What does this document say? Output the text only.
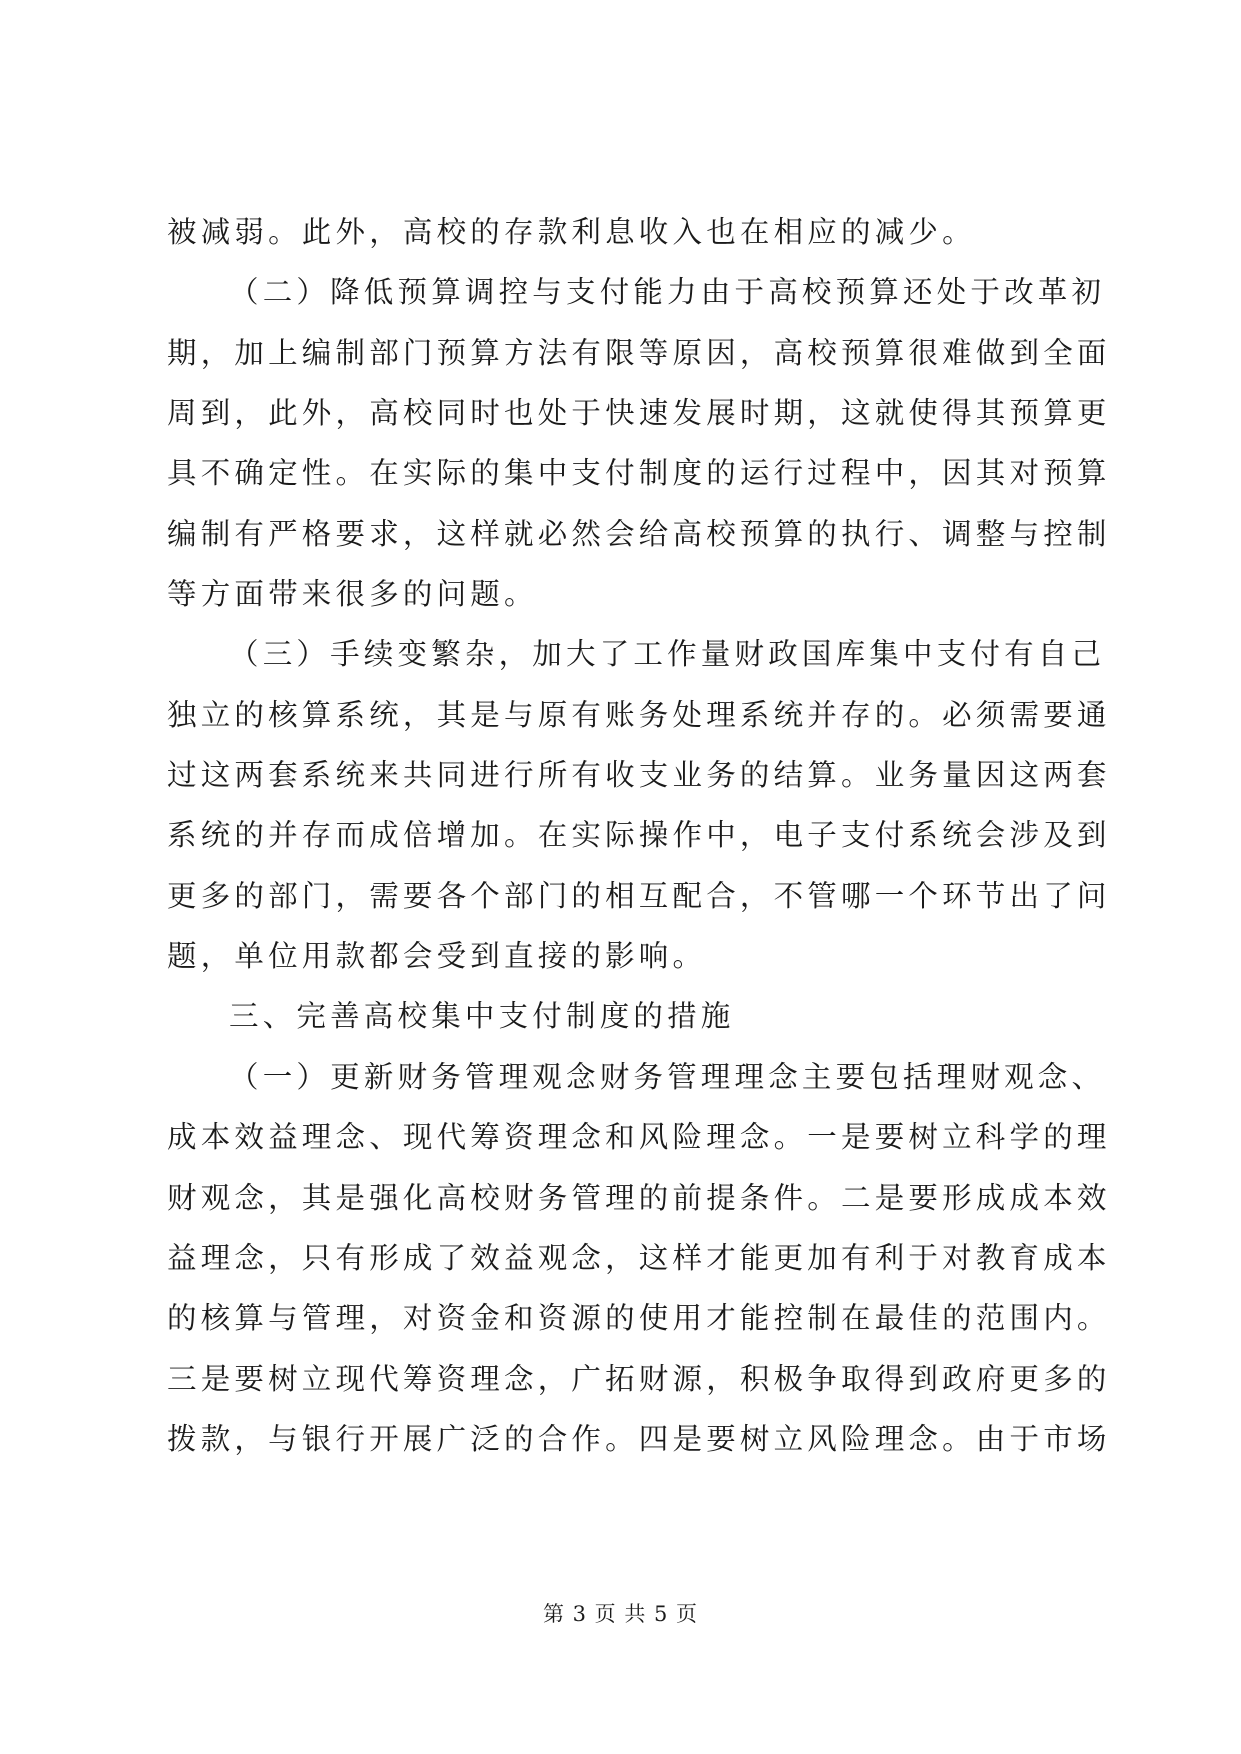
被减弱。此外，高校的存款利息收入也在相应的减少。
（二）降低预算调控与支付能力由于高校预算还处于改革初
期，加上编制部门预算方法有限等原因，高校预算很难做到全面
周到，此外，高校同时也处于快速发展时期，这就使得其预算更
具不确定性。在实际的集中支付制度的运行过程中，因其对预算
编制有严格要求，这样就必然会给高校预算的执行、调整与控制
等方面带来很多的问题。
（三）手续变繁杂，加大了工作量财政国库集中支付有自己
独立的核算系统，其是与原有账务处理系统并存的。必须需要通
过这两套系统来共同进行所有收支业务的结算。业务量因这两套
系统的并存而成倍增加。在实际操作中，电子支付系统会涉及到
更多的部门，需要各个部门的相互配合，不管哪一个环节出了问
题，单位用款都会受到直接的影响。
三、完善高校集中支付制度的措施
（一）更新财务管理观念财务管理理念主要包括理财观念、
成本效益理念、现代筹资理念和风险理念。一是要树立科学的理
财观念，其是强化高校财务管理的前提条件。二是要形成成本效
益理念，只有形成了效益观念，这样才能更加有利于对教育成本
的核算与管理，对资金和资源的使用才能控制在最佳的范围内。
三是要树立现代筹资理念，广拓财源，积极争取得到政府更多的
拨款，与银行开展广泛的合作。四是要树立风险理念。由于市场
第 3 页 共 5 页
